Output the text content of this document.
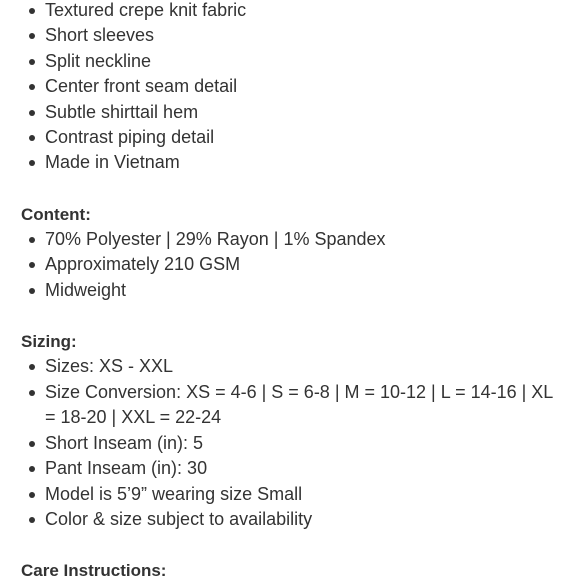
Textured crepe knit fabric
Short sleeves
Split neckline
Center front seam detail
Subtle shirttail hem
Contrast piping detail
Made in Vietnam
Content:
70% Polyester | 29% Rayon | 1% Spandex
Approximately 210 GSM
Midweight
Sizing:
Sizes: XS - XXL
Size Conversion: XS = 4-6 | S = 6-8 | M = 10-12 | L = 14-16 | XL = 18-20 | XXL = 22-24
Short Inseam (in): 5
Pant Inseam (in): 30
Model is 5’9” wearing size Small
Color & size subject to availability
Care Instructions:
